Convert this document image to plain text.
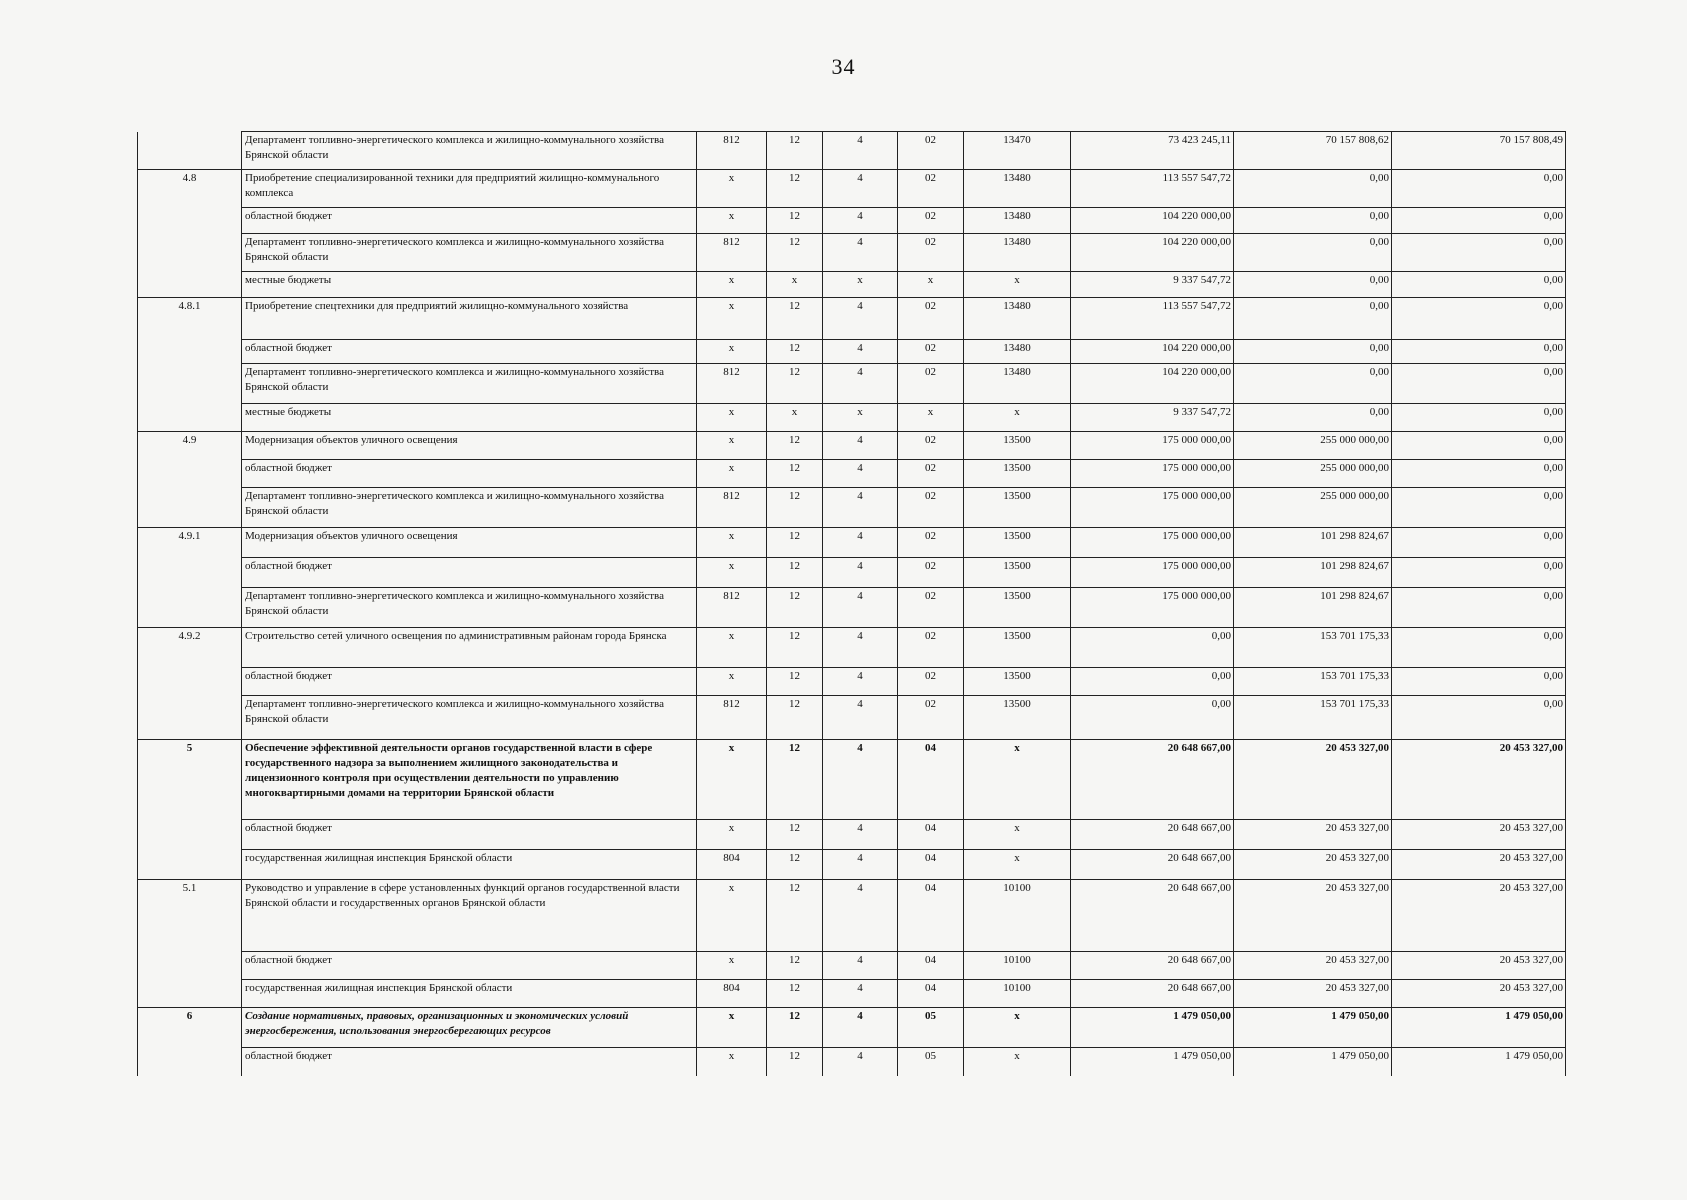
34
	Департамент топливно-энергетического комплекса и жилищно-коммунального хозяйства Брянской области	812	12	4	02	13470	73 423 245,11	70 157 808,62	70 157 808,49
4.8	Приобретение специализированной техники для предприятий жилищно-коммунального комплекса	x	12	4	02	13480	113 557 547,72	0,00	0,00
	областной бюджет	x	12	4	02	13480	104 220 000,00	0,00	0,00
	Департамент топливно-энергетического комплекса и жилищно-коммунального хозяйства Брянской области	812	12	4	02	13480	104 220 000,00	0,00	0,00
	местные бюджеты	x	x	x	x	x	9 337 547,72	0,00	0,00
4.8.1	Приобретение спецтехники для предприятий жилищно-коммунального хозяйства	x	12	4	02	13480	113 557 547,72	0,00	0,00
	областной бюджет	x	12	4	02	13480	104 220 000,00	0,00	0,00
	Департамент топливно-энергетического комплекса и жилищно-коммунального хозяйства Брянской области	812	12	4	02	13480	104 220 000,00	0,00	0,00
	местные бюджеты	x	x	x	x	x	9 337 547,72	0,00	0,00
4.9	Модернизация объектов уличного освещения	x	12	4	02	13500	175 000 000,00	255 000 000,00	0,00
	областной бюджет	x	12	4	02	13500	175 000 000,00	255 000 000,00	0,00
	Департамент топливно-энергетического комплекса и жилищно-коммунального хозяйства Брянской области	812	12	4	02	13500	175 000 000,00	255 000 000,00	0,00
4.9.1	Модернизация объектов уличного освещения	x	12	4	02	13500	175 000 000,00	101 298 824,67	0,00
	областной бюджет	x	12	4	02	13500	175 000 000,00	101 298 824,67	0,00
	Департамент топливно-энергетического комплекса и жилищно-коммунального хозяйства Брянской области	812	12	4	02	13500	175 000 000,00	101 298 824,67	0,00
4.9.2	Строительство сетей уличного освещения по административным районам города Брянска	x	12	4	02	13500	0,00	153 701 175,33	0,00
	областной бюджет	x	12	4	02	13500	0,00	153 701 175,33	0,00
	Департамент топливно-энергетического комплекса и жилищно-коммунального хозяйства Брянской области	812	12	4	02	13500	0,00	153 701 175,33	0,00
5	Обеспечение эффективной деятельности органов государственной власти в сфере государственного надзора за выполнением жилищного законодательства и лицензионного контроля при осуществлении деятельности по управлению многоквартирными домами на территории Брянской области	x	12	4	04	x	20 648 667,00	20 453 327,00	20 453 327,00
	областной бюджет	x	12	4	04	x	20 648 667,00	20 453 327,00	20 453 327,00
	государственная жилищная инспекция Брянской области	804	12	4	04	x	20 648 667,00	20 453 327,00	20 453 327,00
5.1	Руководство и управление в сфере установленных функций органов государственной власти Брянской области и государственных органов Брянской области	x	12	4	04	10100	20 648 667,00	20 453 327,00	20 453 327,00
	областной бюджет	x	12	4	04	10100	20 648 667,00	20 453 327,00	20 453 327,00
	государственная жилищная инспекция Брянской области	804	12	4	04	10100	20 648 667,00	20 453 327,00	20 453 327,00
6	Создание нормативных, правовых, организационных и экономических условий энергосбережения, использования энергосберегающих ресурсов	x	12	4	05	x	1 479 050,00	1 479 050,00	1 479 050,00
	областной бюджет	x	12	4	05	x	1 479 050,00	1 479 050,00	1 479 050,00
